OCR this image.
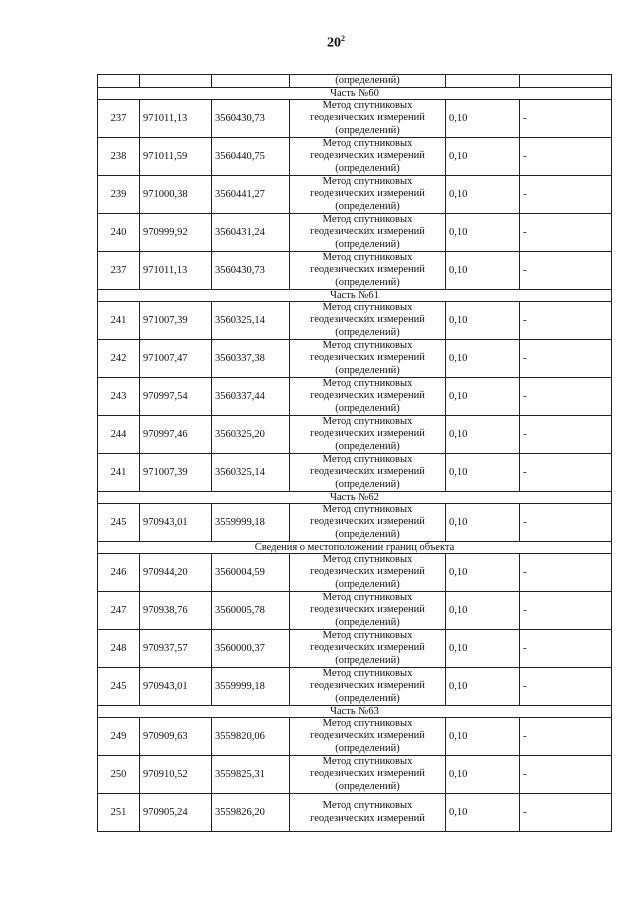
$20^2$
			(определений)		
Часть №60					
237	971011,13	3560430,73	Метод спутниковых
геодезических измерений
(определений)	0,10	-
238	971011,59	3560440,75	Метод спутниковых
геодезических измерений
(определений)	0,10	-
239	971000,38	3560441,27	Метод спутниковых
геодезических измерений
(определений)	0,10	-
240	970999,92	3560431,24	Метод спутниковых
геодезических измерений
(определений)	0,10	-
237	971011,13	3560430,73	Метод спутниковых
геодезических измерений
(определений)	0,10	-
Часть №61					
241	971007,39	3560325,14	Метод спутниковых
геодезических измерений
(определений)	0,10	-
242	971007,47	3560337,38	Метод спутниковых
геодезических измерений
(определений)	0,10	-
243	970997,54	3560337,44	Метод спутниковых
геодезических измерений
(определений)	0,10	-
244	970997,46	3560325,20	Метод спутниковых
геодезических измерений
(определений)	0,10	-
241	971007,39	3560325,14	Метод спутниковых
геодезических измерений
(определений)	0,10	-
Часть №62					
245	970943,01	3559999,18	Метод спутниковых
геодезических измерений
(определений)	0,10	-
Сведения о местоположении границ объекта					
246	970944,20	3560004,59	Метод спутниковых
геодезических измерений
(определений)	0,10	-
247	970938,76	3560005,78	Метод спутниковых
геодезических измерений
(определений)	0,10	-
248	970937,57	3560000,37	Метод спутниковых
геодезических измерений
(определений)	0,10	-
245	970943,01	3559999,18	Метод спутниковых
геодезических измерений
(определений)	0,10	-
Часть №63					
249	970909,63	3559820,06	Метод спутниковых
геодезических измерений
(определений)	0,10	-
250	970910,52	3559825,31	Метод спутниковых
геодезических измерений
(определений)	0,10	-
251	970905,24	3559826,20	Метод спутниковых
геодезических измерений	0,10	-
